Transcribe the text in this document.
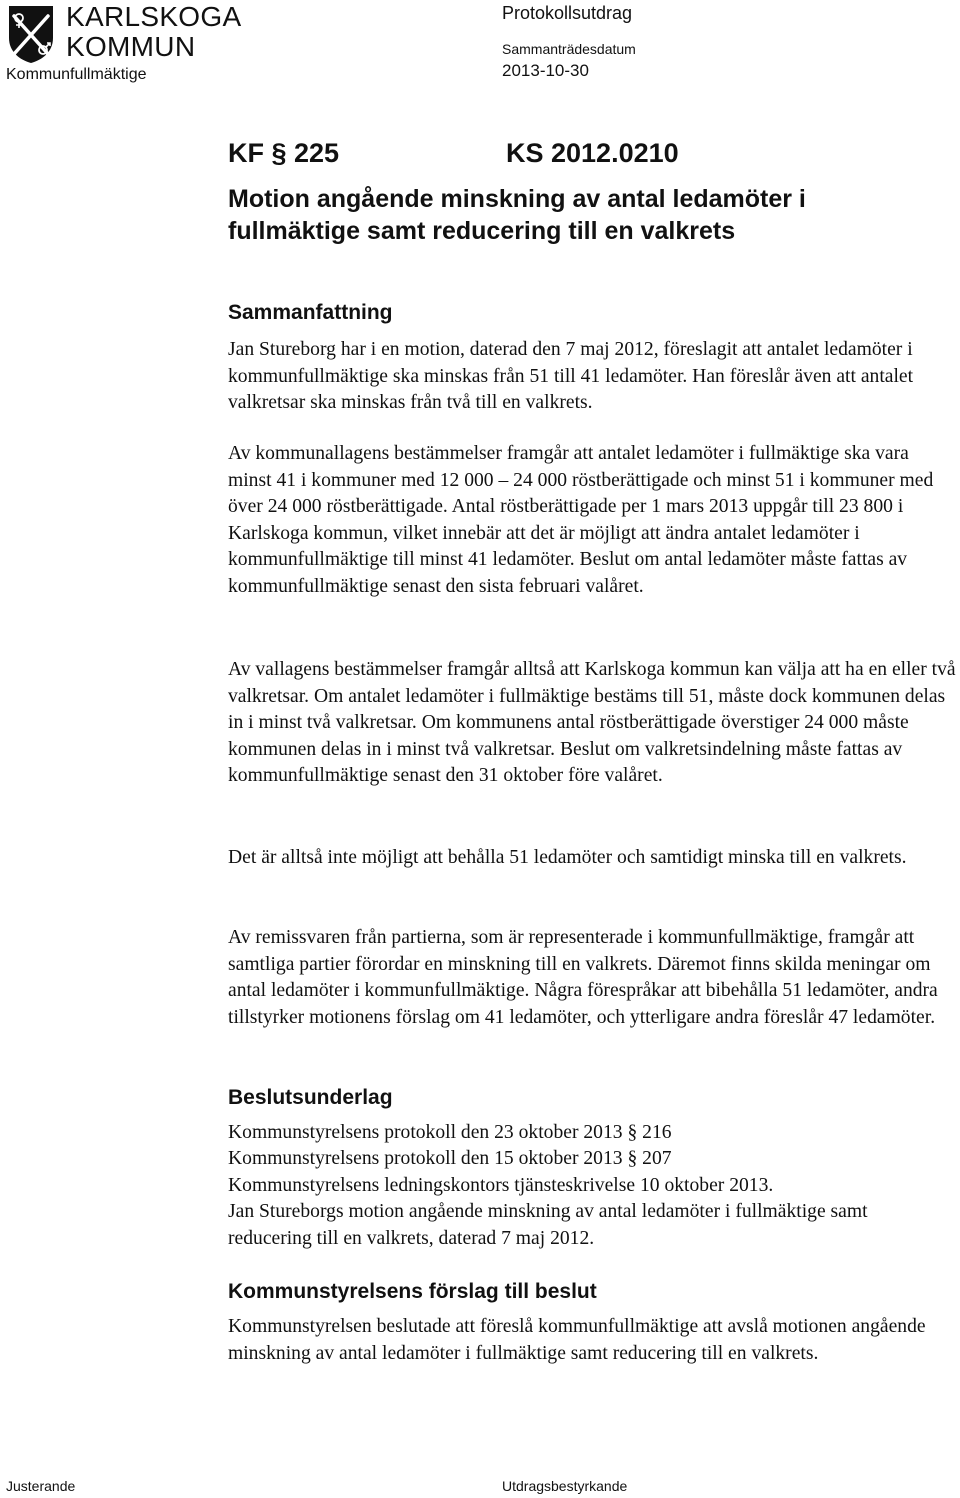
KARLSKOGA
KOMMUN
Kommunfullmäktige
Protokollsutdrag
Sammanträdesdatum
2013-10-30
KF § 225	KS 2012.0210
Motion angående minskning av antal ledamöter i fullmäktige samt reducering till en valkrets
Sammanfattning

Jan Stureborg har i en motion, daterad den 7 maj 2012, föreslagit att antalet ledamöter i kommunfullmäktige ska minskas från 51 till 41 ledamöter. Han föreslår även att antalet valkretsar ska minskas från två till en valkrets.

Av kommunallagens bestämmelser framgår att antalet ledamöter i fullmäktige ska vara minst 41 i kommuner med 12 000 – 24 000 röstberättigade och minst 51 i kommuner med över 24 000 röstberättigade. Antal röstberättigade per 1 mars 2013 uppgår till 23 800 i Karlskoga kommun, vilket innebär att det är möjligt att ändra antalet ledamöter i kommunfullmäktige till minst 41 ledamöter. Beslut om antal ledamöter måste fattas av kommunfullmäktige senast den sista februari valåret.

Av vallagens bestämmelser framgår alltså att Karlskoga kommun kan välja att ha en eller två valkretsar. Om antalet ledamöter i fullmäktige bestäms till 51, måste dock kommunen delas in i minst två valkretsar. Om kommunens antal röstberättigade överstiger 24 000 måste kommunen delas in i minst två valkretsar. Beslut om valkretsindelning måste fattas av kommunfullmäktige senast den 31 oktober före valåret.

Det är alltså inte möjligt att behålla 51 ledamöter och samtidigt minska till en valkrets.

Av remissvaren från partierna, som är representerade i kommunfullmäktige, framgår att samtliga partier förordar en minskning till en valkrets. Däremot finns skilda meningar om antal ledamöter i kommunfullmäktige. Några förespråkar att bibehålla 51 ledamöter, andra tillstyrker motionens förslag om 41 ledamöter, och ytterligare andra föreslår 47 ledamöter.

Beslutsunderlag
Kommunstyrelsens protokoll den 23 oktober 2013 § 216
Kommunstyrelsens protokoll den 15 oktober 2013 § 207
Kommunstyrelsens ledningskontors tjänsteskrivelse 10 oktober 2013.

Jan Stureborgs motion angående minskning av antal ledamöter i fullmäktige samt reducering till en valkrets, daterad 7 maj 2012.

Kommunstyrelsens förslag till beslut

Kommunstyrelsen beslutade att föreslå kommunfullmäktige att avslå motionen angående minskning av antal ledamöter i fullmäktige samt reducering till en valkrets.

Justerande	Utdragsbestyrkande
